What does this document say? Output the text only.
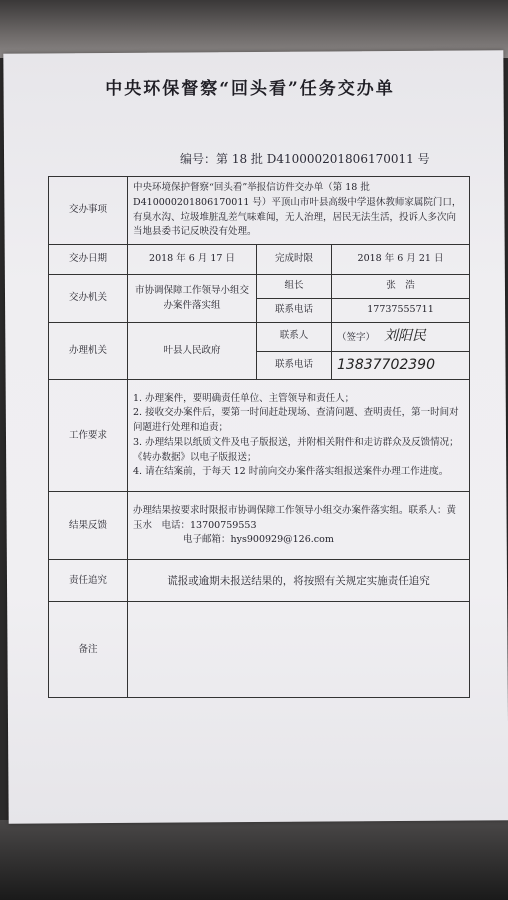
中央环保督察“回头看”任务交办单
编号：第 18 批 D410000201806170011 号
交办事项	中央环境保护督察“回头看”举报信访件交办单（第 18 批 D410000201806170011 号）平顶山市叶县高级中学退休教师家属院门口，有臭水沟、垃圾堆脏乱差气味难闻，无人治理，居民无法生活，投诉人多次向当地县委书记反映没有处理。		
交办日期	2018 年 6 月 17 日	完成时限	2018 年 6 月 21 日
交办机关	市协调保障工作领导小组交办案件落实组	组长	张　浩
		联系电话	17737555711
办理机关	叶县人民政府	联系人	（签字） 刘阳民
		联系电话	13837702390
工作要求	1. 办理案件，要明确责任单位、主管领导和责任人；
2. 接收交办案件后，要第一时间赶赴现场、查清问题、查明责任，第一时间对问题进行处理和追责；
3. 办理结果以纸质文件及电子版报送，并附相关附件和走访群众及反馈情况；《转办数据》以电子版报送；
4. 请在结案前，于每天 12 时前向交办案件落实组报送案件办理工作进度。		

结果反馈	办理结果按要求时限报市协调保障工作领导小组交办案件落实组。联系人：黄玉水　电话：13700759553
电子邮箱：hys900929@126.com		

责任追究	谎报或逾期未报送结果的，将按照有关规定实施责任追究		
备注			
